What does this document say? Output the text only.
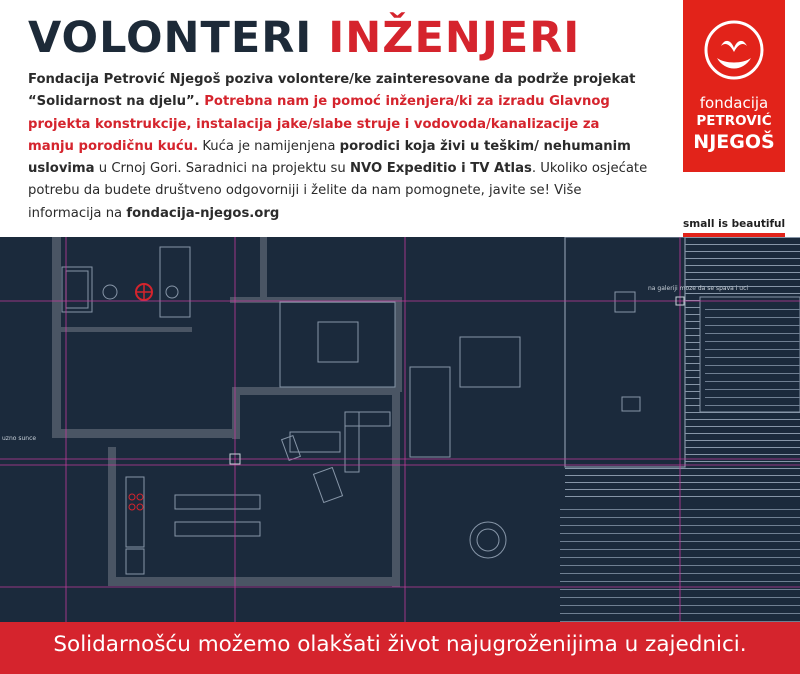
VOLONTERI INŽENJERI

Fondacija Petrović Njegoš poziva volontere/ke zainteresovane da podrže projekat “Solidarnost na djelu”. Potrebna nam je pomoć inženjera/ki za izradu Glavnog projekta konstrukcije, instalacija jake/slabe struje i vodovoda/kanalizacije za manju porodičnu kuću. Kuća je namijenjena porodici koja živi u teškim/ nehumanim uslovima u Crnoj Gori. Saradnici na projektu su NVO Expeditio i TV Atlas. Ukoliko osjećate potrebu da budete društveno odgovorniji i želite da nam pomognete, javite se! Više informacija na fondacija-njegos.org

fondacija
PETROVIĆ
NJEGOŠ
small is beautiful
na galeriji moze da se spava i uci
uzno sunce
Solidarnošću možemo olakšati život najugroženijima u zajednici.
